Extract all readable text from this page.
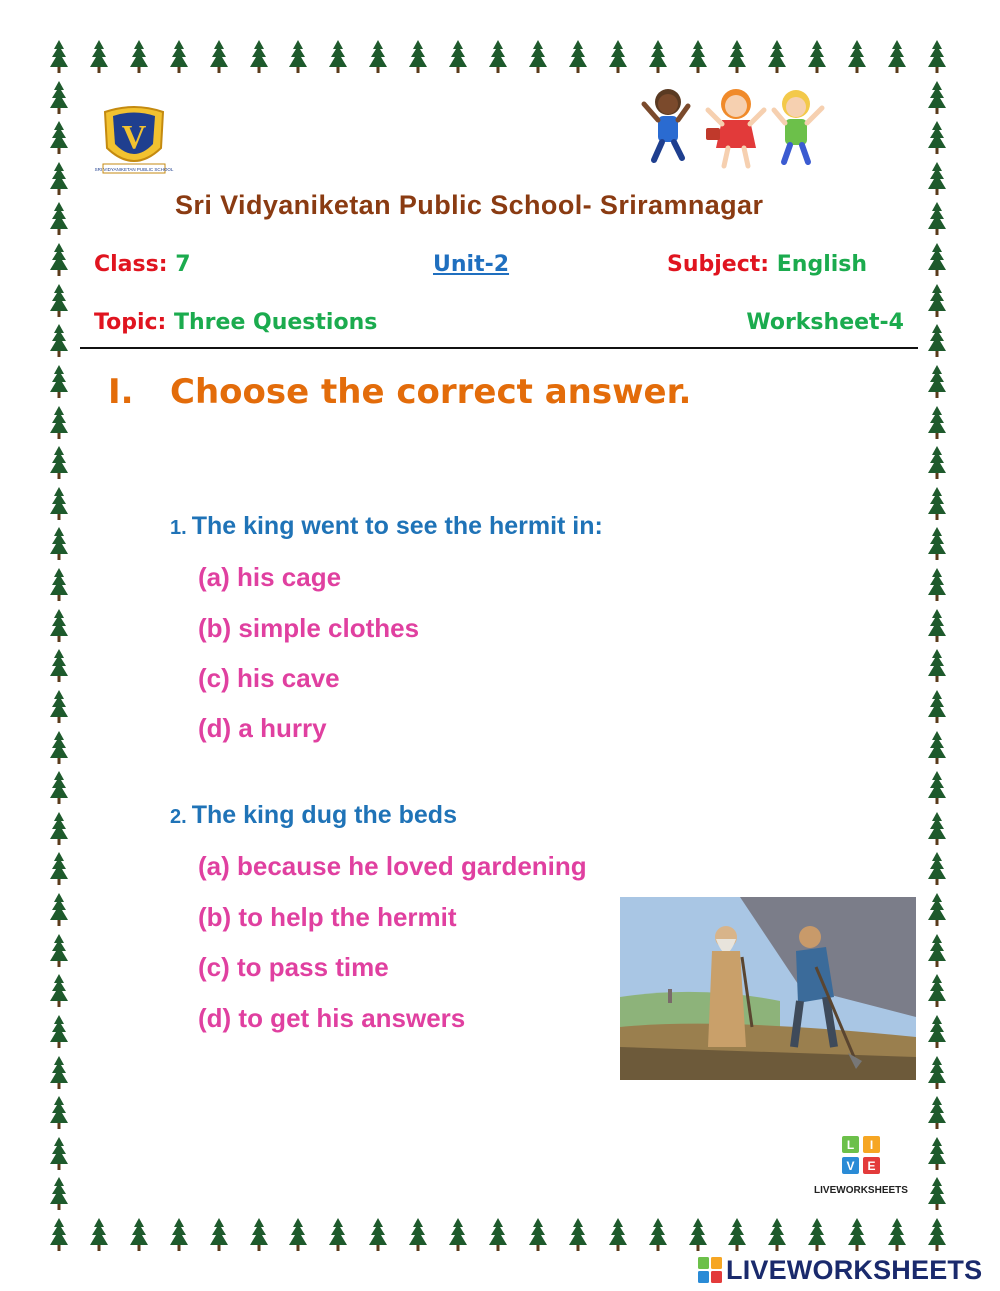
V
SRI VIDYANIKETAN PUBLIC SCHOOL
Sri Vidyaniketan Public School- Sriramnagar
Class: 7	Unit-2	Subject: English
Topic: Three Questions	Worksheet-4
I. Choose the correct answer.
1. The king went to see the hermit in:
(a) his cage
(b) simple clothes
(c) his cave
(d) a hurry
2. The king dug the beds
(a) because he loved gardening
(b) to help the hermit
(c) to pass time
(d) to get his answers
L I
V E
LIVEWORKSHEETS
LIVEWORKSHEETS
